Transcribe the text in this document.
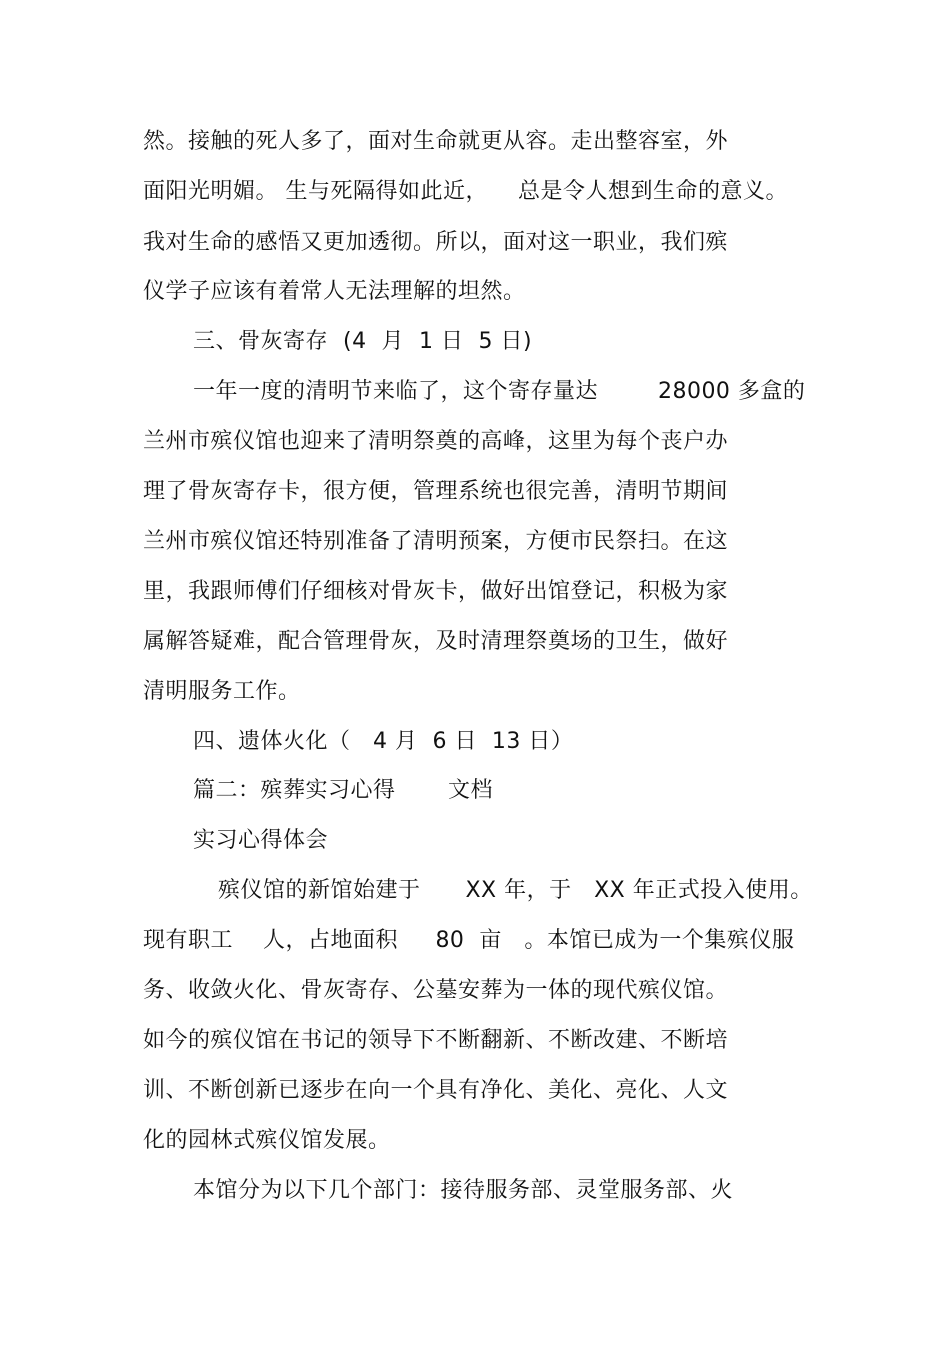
然。接触的死人多了，面对生命就更从容。走出整容室，外
面阳光明媚。 生与死隔得如此近，    总是令人想到生命的意义。
我对生命的感悟又更加透彻。所以，面对这一职业，我们殡
仪学子应该有着常人无法理解的坦然。
三、骨灰寄存  (4  月  1 日  5 日)
一年一度的清明节来临了，这个寄存量达        28000 多盒的
兰州市殡仪馆也迎来了清明祭奠的高峰，这里为每个丧户办
理了骨灰寄存卡，很方便，管理系统也很完善，清明节期间
兰州市殡仪馆还特别准备了清明预案，方便市民祭扫。在这
里，我跟师傅们仔细核对骨灰卡，做好出馆登记，积极为家
属解答疑难，配合管理骨灰，及时清理祭奠场的卫生，做好
清明服务工作。
四、遗体火化（   4 月  6 日  13 日）
篇二：殡葬实习心得       文档
实习心得体会
殡仪馆的新馆始建于      XX 年，于   XX 年正式投入使用。
现有职工    人，占地面积     80  亩   。本馆已成为一个集殡仪服
务、收敛火化、骨灰寄存、公墓安葬为一体的现代殡仪馆。
如今的殡仪馆在书记的领导下不断翻新、不断改建、不断培
训、不断创新已逐步在向一个具有净化、美化、亮化、人文
化的园林式殡仪馆发展。
本馆分为以下几个部门：接待服务部、灵堂服务部、火
